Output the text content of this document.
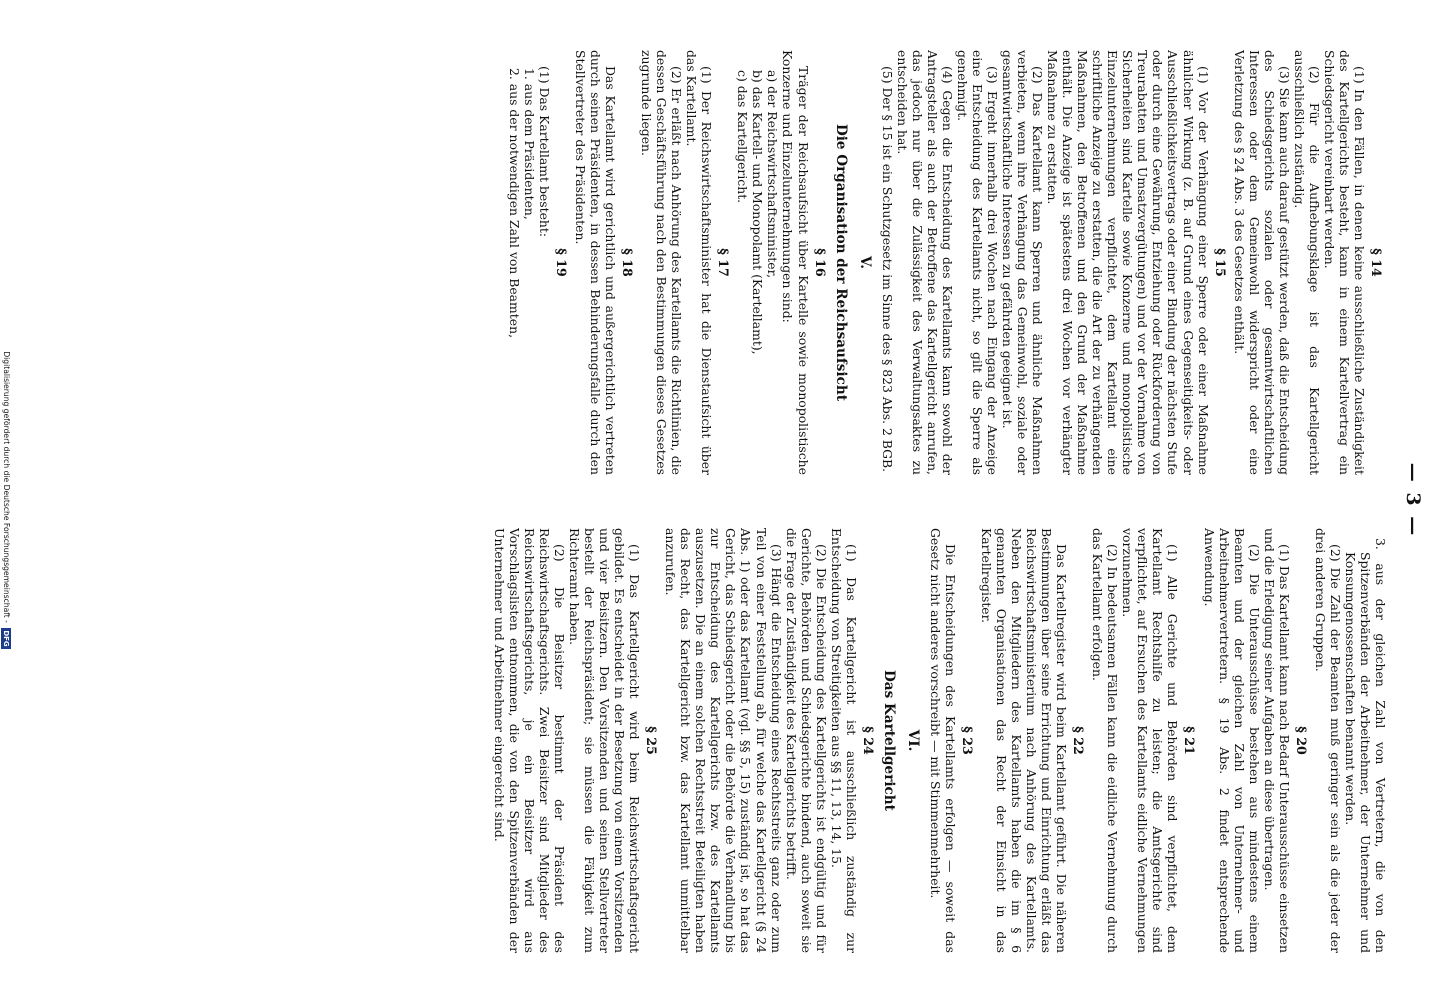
— 3 —
§ 14

(1) In den Fällen, in denen keine ausschließliche Zuständigkeit des Kartellgerichts besteht, kann in einem Kartellvertrag ein Schiedsgericht vereinbart werden.

(2) Für die Aufhebungsklage ist das Kartellgericht ausschließlich zuständig.

(3) Sie kann auch darauf gestützt werden, daß die Entscheidung des Schiedsgerichts sozialen oder gesamtwirtschaftlichen Interessen oder dem Gemeinwohl widerspricht oder eine Verletzung des § 24 Abs. 3 des Gesetzes enthält.

§ 15

(1) Vor der Verhängung einer Sperre oder einer Maßnahme ähnlicher Wirkung (z. B. auf Grund eines Gegenseitigkeits- oder Ausschließlichkeitsvertrags oder einer Bindung der nächsten Stufe oder durch eine Gewährung, Entziehung oder Rückforderung von Treurabatten und Umsatzvergütungen) und vor der Vornahme von Sicherheiten sind Kartelle sowie Konzerne und monopolistische Einzelunternehmungen verpflichtet, dem Kartellamt eine schriftliche Anzeige zu erstatten, die die Art der zu verhängenden Maßnahmen, den Betroffenen und den Grund der Maßnahme enthält. Die Anzeige ist spätestens drei Wochen vor verhängter Maßnahme zu erstatten.

(2) Das Kartellamt kann Sperren und ähnliche Maßnahmen verbieten, wenn ihre Verhängung das Gemeinwohl, soziale oder gesamtwirtschaftliche Interessen zu gefährden geeignet ist.

(3) Ergeht innerhalb drei Wochen nach Eingang der Anzeige eine Entscheidung des Kartellamts nicht, so gilt die Sperre als genehmigt.

(4) Gegen die Entscheidung des Kartellamts kann sowohl der Antragsteller als auch der Betroffene das Kartellgericht anrufen, das jedoch nur über die Zulässigkeit des Verwaltungsaktes zu entscheiden hat.

(5) Der § 15 ist ein Schutzgesetz im Sinne des § 823 Abs. 2 BGB.

V.
Die Organisation der Reichsaufsicht
§ 16

Träger der Reichsaufsicht über Kartelle sowie monopolistische Konzerne und Einzelunternehmungen sind:

a) der Reichswirtschaftsminister,

b) das Kartell- und Monopolamt (Kartellamt),

c) das Kartellgericht.

§ 17

(1) Der Reichswirtschaftsminister hat die Dienstaufsicht über das Kartellamt.

(2) Er erläßt nach Anhörung des Kartellamts die Richtlinien, die dessen Geschäftsführung nach den Bestimmungen dieses Gesetzes zugrunde liegen.

§ 18

Das Kartellamt wird gerichtlich und außergerichtlich vertreten durch seinen Präsidenten, in dessen Behinderungsfalle durch den Stellvertreter des Präsidenten.

§ 19

(1) Das Kartellamt besteht:

1. aus dem Präsidenten,

2. aus der notwendigen Zahl von Beamten,

3. aus der gleichen Zahl von Vertretern, die von den Spitzenverbänden der Arbeitnehmer, der Unternehmer und Konsumgenossenschaften benannt werden.

(2) Die Zahl der Beamten muß geringer sein als die jeder der drei anderen Gruppen.

§ 20

(1) Das Kartellamt kann nach Bedarf Unterausschüsse einsetzen und die Erledigung seiner Aufgaben an diese übertragen.

(2) Die Unterausschüsse bestehen aus mindestens einem Beamten und der gleichen Zahl von Unternehmer- und Arbeitnehmervertretern. § 19 Abs. 2 findet entsprechende Anwendung.

§ 21

(1) Alle Gerichte und Behörden sind verpflichtet, dem Kartellamt Rechtshilfe zu leisten; die Amtsgerichte sind verpflichtet, auf Ersuchen des Kartellamts eidliche Vernehmungen vorzunehmen.

(2) In bedeutsamen Fällen kann die eidliche Vernehmung durch das Kartellamt erfolgen.

§ 22

Das Kartellregister wird beim Kartellamt geführt. Die näheren Bestimmungen über seine Errichtung und Einrichtung erläßt das Reichswirtschaftsministerium nach Anhörung des Kartellamts. Neben den Mitgliedern des Kartellamts haben die im § 6 genannten Organisationen das Recht der Einsicht in das Kartellregister.

§ 23

Die Entscheidungen des Kartellamts erfolgen — soweit das Gesetz nicht anderes vorschreibt — mit Stimmenmehrheit.

VI.
Das Kartellgericht
§ 24

(1) Das Kartellgericht ist ausschließlich zuständig zur Entscheidung von Streitigkeiten aus §§ 11, 13, 14, 15.

(2) Die Entscheidung des Kartellgerichts ist endgültig und für Gerichte, Behörden und Schiedsgerichte bindend, auch soweit sie die Frage der Zuständigkeit des Kartellgerichts betrifft.

(3) Hängt die Entscheidung eines Rechtsstreits ganz oder zum Teil von einer Feststellung ab, für welche das Kartellgericht (§ 24 Abs. 1) oder das Kartellamt (vgl. §§ 5, 15) zuständig ist, so hat das Gericht, das Schiedsgericht oder die Behörde die Verhandlung bis zur Entscheidung des Kartellgerichts bzw. des Kartellamts auszusetzen. Die an einem solchen Rechtsstreit Beteiligten haben das Recht, das Kartellgericht bzw. das Kartellamt unmittelbar anzurufen.

§ 25

(1) Das Kartellgericht wird beim Reichswirtschaftsgericht gebildet. Es entscheidet in der Besetzung von einem Vorsitzenden und vier Beisitzern. Den Vorsitzenden und seinen Stellvertreter bestellt der Reichspräsident; sie müssen die Fähigkeit zum Richteramt haben.

(2) Die Beisitzer bestimmt der Präsident des Reichswirtschaftsgerichts. Zwei Beisitzer sind Mitglieder des Reichswirtschaftsgerichts, je ein Beisitzer wird aus Vorschlagslisten entnommen, die von den Spitzenverbänden der Unternehmer und Arbeitnehmer eingereicht sind.

Digitalisierung gefördert durch die Deutsche Forschungsgemeinschaft - DFG
